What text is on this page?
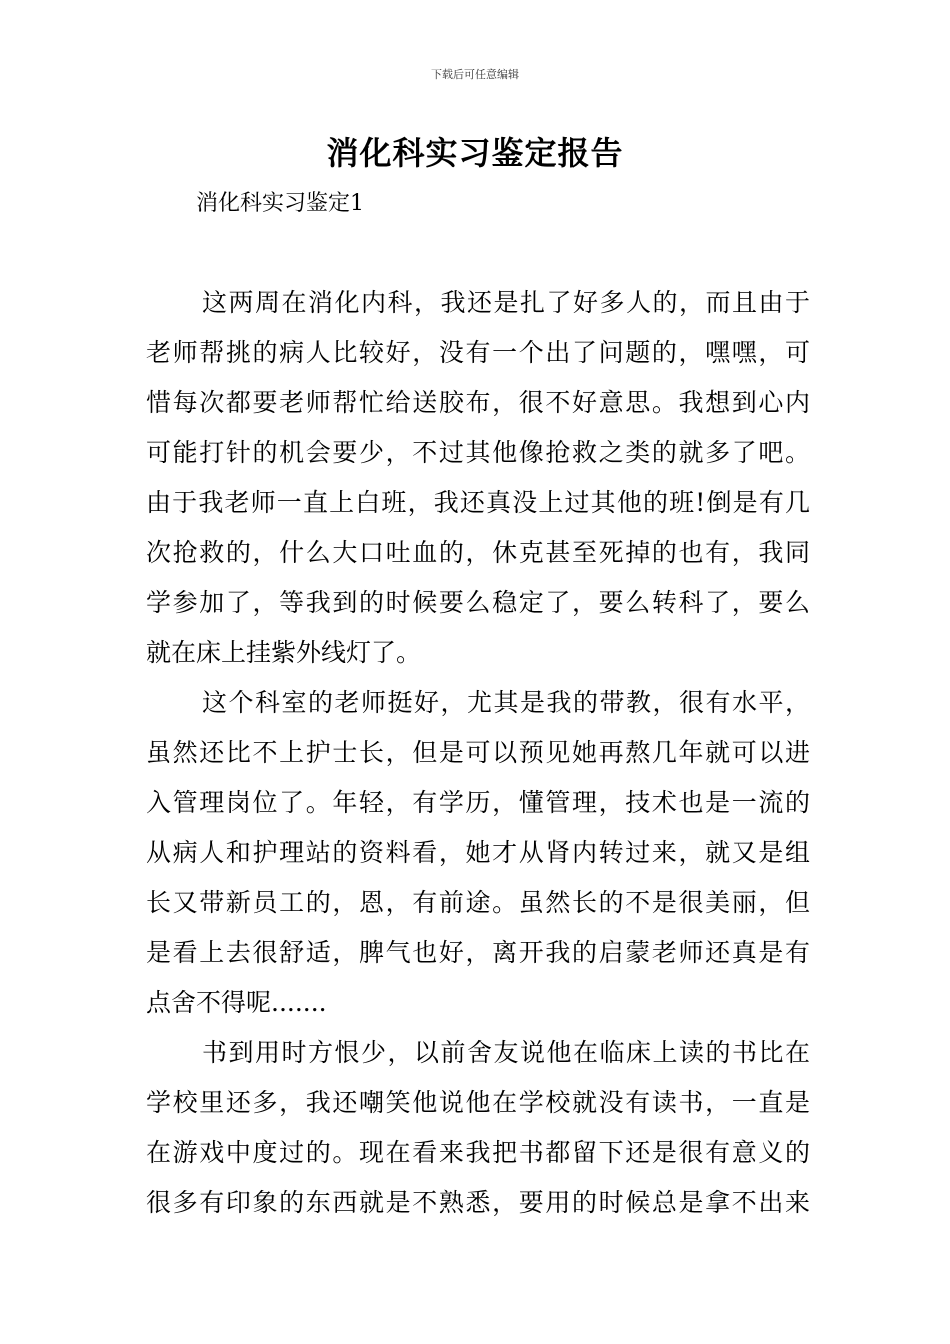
下载后可任意编辑
消化科实习鉴定报告
消化科实习鉴定1
这两周在消化内科，我还是扎了好多人的，而且由于
老师帮挑的病人比较好，没有一个出了问题的，嘿嘿，可
惜每次都要老师帮忙给送胶布，很不好意思。我想到心内
可能打针的机会要少，不过其他像抢救之类的就多了吧。
由于我老师一直上白班，我还真没上过其他的班!倒是有几
次抢救的，什么大口吐血的，休克甚至死掉的也有，我同
学参加了，等我到的时候要么稳定了，要么转科了，要么
就在床上挂紫外线灯了。
这个科室的老师挺好，尤其是我的带教，很有水平，
虽然还比不上护士长，但是可以预见她再熬几年就可以进
入管理岗位了。年轻，有学历，懂管理，技术也是一流的
从病人和护理站的资料看，她才从肾内转过来，就又是组
长又带新员工的，恩，有前途。虽然长的不是很美丽，但
是看上去很舒适，脾气也好，离开我的启蒙老师还真是有
点舍不得呢.......
书到用时方恨少，以前舍友说他在临床上读的书比在
学校里还多，我还嘲笑他说他在学校就没有读书，一直是
在游戏中度过的。现在看来我把书都留下还是很有意义的
很多有印象的东西就是不熟悉，要用的时候总是拿不出来
